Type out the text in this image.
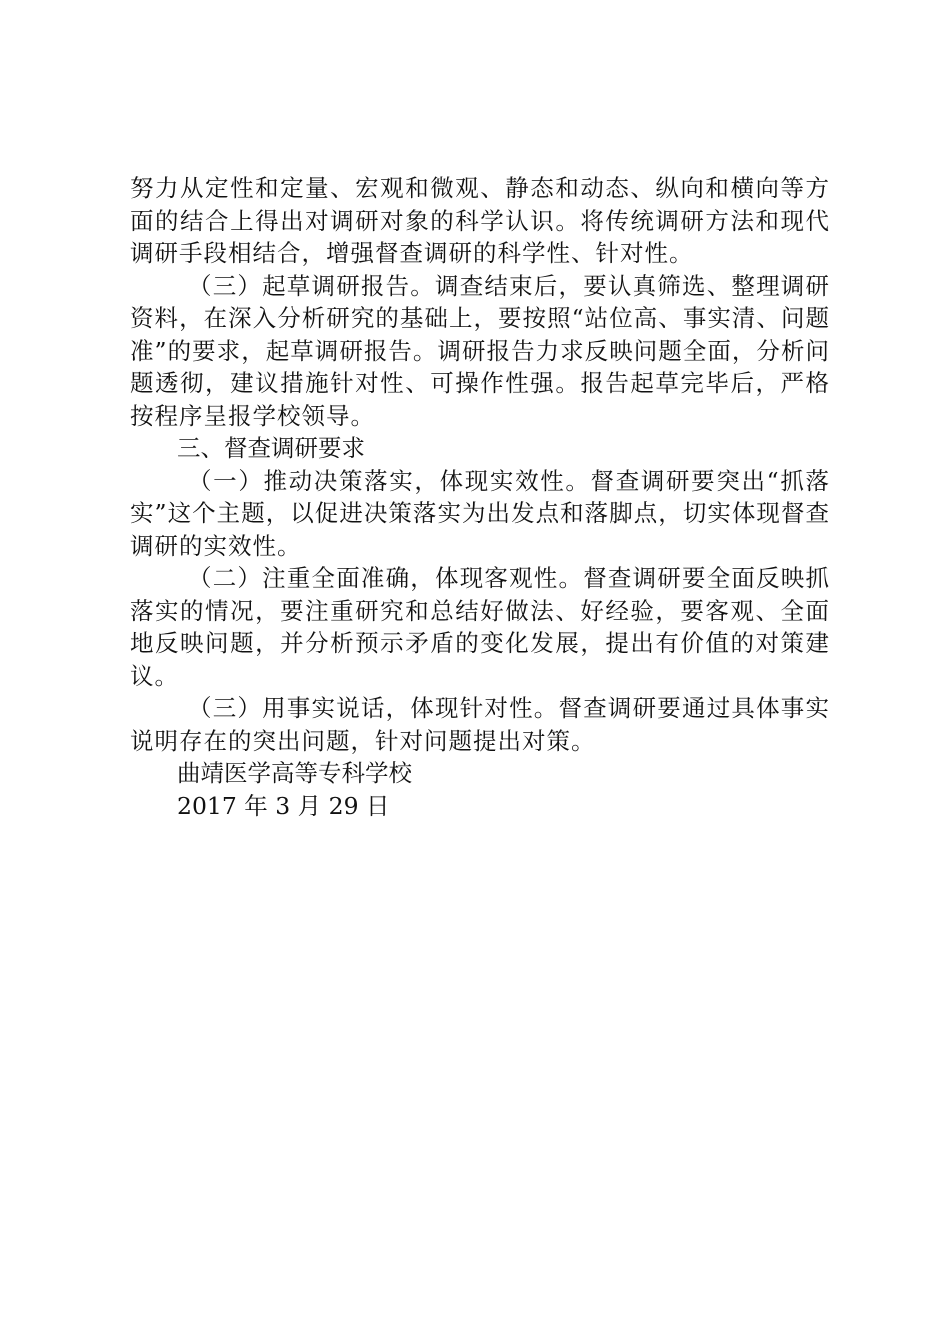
努力从定性和定量、宏观和微观、静态和动态、纵向和横向等方面的结合上得出对调研对象的科学认识。将传统调研方法和现代调研手段相结合，增强督查调研的科学性、针对性。

（三）起草调研报告。调查结束后，要认真筛选、整理调研资料，在深入分析研究的基础上，要按照“站位高、事实清、问题准”的要求，起草调研报告。调研报告力求反映问题全面，分析问题透彻，建议措施针对性、可操作性强。报告起草完毕后，严格按程序呈报学校领导。

三、督查调研要求

（一）推动决策落实，体现实效性。督查调研要突出“抓落实”这个主题，以促进决策落实为出发点和落脚点，切实体现督查调研的实效性。

（二）注重全面准确，体现客观性。督查调研要全面反映抓落实的情况，要注重研究和总结好做法、好经验，要客观、全面地反映问题，并分析预示矛盾的变化发展，提出有价值的对策建议。

（三）用事实说话，体现针对性。督查调研要通过具体事实说明存在的突出问题，针对问题提出对策。

曲靖医学高等专科学校

2017 年 3 月 29 日
